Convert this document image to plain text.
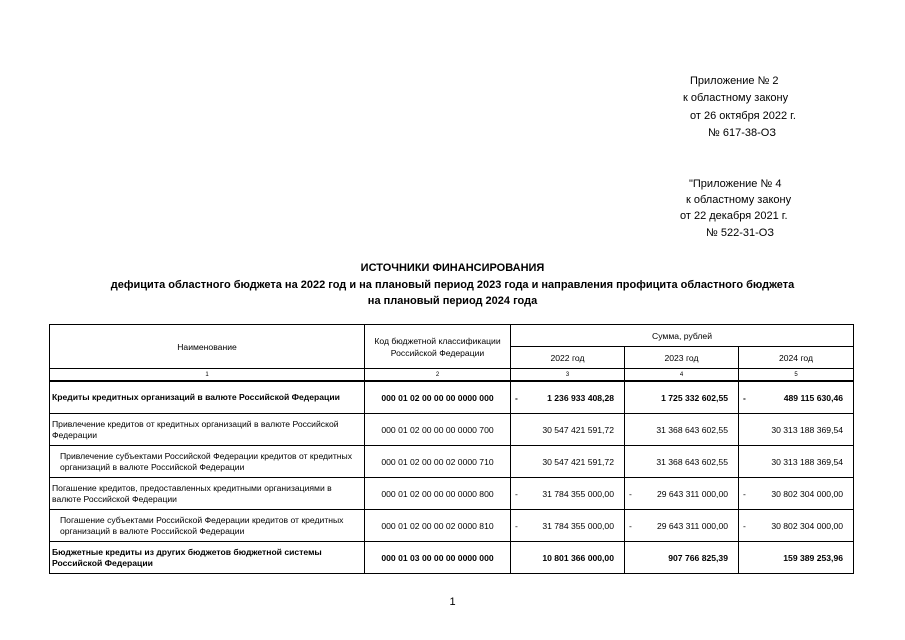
Приложение № 2
к областному закону
от 26 октября 2022 г.
№ 617-38-ОЗ
"Приложение № 4
к областному закону
от 22 декабря 2021 г.
№ 522-31-ОЗ
ИСТОЧНИКИ ФИНАНСИРОВАНИЯ
дефицита областного бюджета на 2022 год и на плановый период 2023 года и направления профицита областного бюджета
на плановый период 2024 года
Наименование	Код бюджетной классификации Российской Федерации	Сумма, рублей		
		2022 год	2023 год	2024 год
1	2	3	4	5
Кредиты кредитных организаций в валюте Российской Федерации	000 01 02 00 00 00 0000 000	- 1 236 933 408,28	1 725 332 602,55	- 489 115 630,46
Привлечение кредитов от кредитных организаций в валюте Российской Федерации	000 01 02 00 00 00 0000 700	30 547 421 591,72	31 368 643 602,55	30 313 188 369,54
Привлечение субъектами Российской Федерации кредитов от кредитных организаций в валюте Российской Федерации	000 01 02 00 00 02 0000 710	30 547 421 591,72	31 368 643 602,55	30 313 188 369,54
Погашение кредитов, предоставленных кредитными организациями в валюте Российской Федерации	000 01 02 00 00 00 0000 800	- 31 784 355 000,00	- 29 643 311 000,00	- 30 802 304 000,00
Погашение субъектами Российской Федерации кредитов от кредитных организаций в валюте Российской Федерации	000 01 02 00 00 02 0000 810	- 31 784 355 000,00	- 29 643 311 000,00	- 30 802 304 000,00
Бюджетные кредиты из других бюджетов бюджетной системы Российской Федерации	000 01 03 00 00 00 0000 000	10 801 366 000,00	907 766 825,39	159 389 253,96
1
